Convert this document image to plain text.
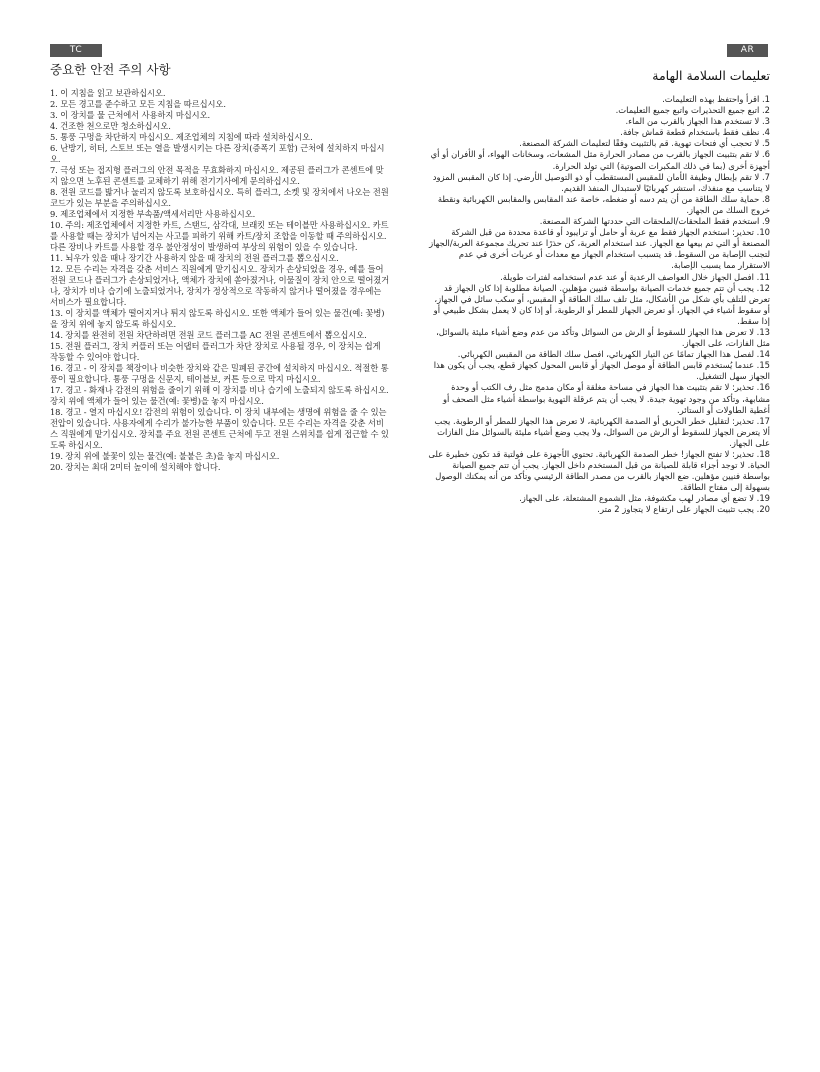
TC	AR
중요한 안전 주의 사항
1. 이 지침을 읽고 보관하십시오.
2. 모든 경고를 준수하고 모든 지침을 따르십시오.
3. 이 장치를 물 근처에서 사용하지 마십시오.
4. 건조한 천으로만 청소하십시오.
5. 통풍 구멍을 차단하지 마십시오. 제조업체의 지침에 따라 설치하십시오.
6. 난방기, 히터, 스토브 또는 열을 발생시키는 다른 장치(증폭기 포함) 근처에 설치하지 마십시오.
7. 극성 또는 접지형 플러그의 안전 목적을 무효화하지 마십시오. 제공된 플러그가 콘센트에 맞지 않으면 노후된 콘센트를 교체하기 위해 전기기사에게 문의하십시오.
8. 전원 코드를 밟거나 눌리지 않도록 보호하십시오. 특히 플러그, 소켓 및 장치에서 나오는 전원 코드가 있는 부분을 주의하십시오.
9. 제조업체에서 지정한 부속품/액세서리만 사용하십시오.
10. 주의: 제조업체에서 지정한 카트, 스탠드, 삼각대, 브래킷 또는 테이블만 사용하십시오. 카트를 사용할 때는 장치가 넘어지는 사고를 피하기 위해 카트/장치 조합을 이동할 때 주의하십시오. 다른 장비나 카트를 사용할 경우 불안정성이 발생하여 부상의 위험이 있을 수 있습니다.
11. 뇌우가 있을 때나 장기간 사용하지 않을 때 장치의 전원 플러그를 뽑으십시오.
12. 모든 수리는 자격을 갖춘 서비스 직원에게 맡기십시오. 장치가 손상되었을 경우, 예를 들어 전원 코드나 플러그가 손상되었거나, 액체가 장치에 쏟아졌거나, 이물질이 장치 안으로 떨어졌거나, 장치가 비나 습기에 노출되었거나, 장치가 정상적으로 작동하지 않거나 떨어졌을 경우에는 서비스가 필요합니다.
13. 이 장치를 액체가 떨어지거나 튀지 않도록 하십시오. 또한 액체가 들어 있는 물건(예: 꽃병)을 장치 위에 놓지 않도록 하십시오.
14. 장치를 완전히 전원 차단하려면 전원 코드 플러그를 AC 전원 콘센트에서 뽑으십시오.
15. 전원 플러그, 장치 커플러 또는 어댑터 플러그가 차단 장치로 사용될 경우, 이 장치는 쉽게 작동할 수 있어야 합니다.
16. 경고 - 이 장치를 책장이나 비슷한 장치와 같은 밀폐된 공간에 설치하지 마십시오. 적절한 통풍이 필요합니다. 통풍 구멍을 신문지, 테이블보, 커튼 등으로 막지 마십시오.
17. 경고 - 화재나 감전의 위험을 줄이기 위해 이 장치를 비나 습기에 노출되지 않도록 하십시오. 장치 위에 액체가 들어 있는 물건(예: 꽃병)을 놓지 마십시오.
18. 경고 - 열지 마십시오! 감전의 위험이 있습니다. 이 장치 내부에는 생명에 위험을 줄 수 있는 전압이 있습니다. 사용자에게 수리가 불가능한 부품이 있습니다. 모든 수리는 자격을 갖춘 서비스 직원에게 맡기십시오. 장치를 주요 전원 콘센트 근처에 두고 전원 스위치를 쉽게 접근할 수 있도록 하십시오.
19. 장치 위에 불꽃이 있는 물건(예: 불붙은 초)을 놓지 마십시오.
20. 장치는 최대 2미터 높이에 설치해야 합니다.
تعليمات السلامة الهامة
1. اقرأ واحتفظ بهذه التعليمات.
2. اتبع جميع التحذيرات واتبع جميع التعليمات.
3. لا تستخدم هذا الجهاز بالقرب من الماء.
4. نظف فقط باستخدام قطعة قماش جافة.
5. لا تحجب أي فتحات تهوية. قم بالتثبيت وفقًا لتعليمات الشركة المصنعة.
6. لا تقم بتثبيت الجهاز بالقرب من مصادر الحرارة مثل المشعات، وسخانات الهواء، أو الأفران أو أي أجهزة أخرى (بما في ذلك المكبرات الصوتية) التي تولد الحرارة.
7. لا تقم بإبطال وظيفة الأمان للمقبس المستقطب أو ذو التوصيل الأرضي. إذا كان المقبس المزود لا يتناسب مع منفذك، استشر كهربائيًا لاستبدال المنفذ القديم.
8. حماية سلك الطاقة من أن يتم دسه أو ضغطه، خاصة عند المقابس والمقابس الكهربائية ونقطة خروج السلك من الجهاز.
9. استخدم فقط الملحقات/الملحقات التي حددتها الشركة المصنعة.
10. تحذير: استخدم الجهاز فقط مع عربة أو حامل أو ترايبود أو قاعدة محددة من قبل الشركة المصنعة أو التي تم بيعها مع الجهاز. عند استخدام العربة، كن حذرًا عند تحريك مجموعة العربة/الجهاز لتجنب الإصابة من السقوط. قد يتسبب استخدام الجهاز مع معدات أو عربات أخرى في عدم الاستقرار مما يسبب الإصابة.
11. افصل الجهاز خلال العواصف الرعدية أو عند عدم استخدامه لفترات طويلة.
12. يجب أن تتم جميع خدمات الصيانة بواسطة فنيين مؤهلين. الصيانة مطلوبة إذا كان الجهاز قد تعرض للتلف بأي شكل من الأشكال، مثل تلف سلك الطاقة أو المقبس، أو سكب سائل في الجهاز، أو سقوط أشياء في الجهاز، أو تعرض الجهاز للمطر أو الرطوبة، أو إذا كان لا يعمل بشكل طبيعي أو إذا سقط.
13. لا تعرض هذا الجهاز للسقوط أو الرش من السوائل وتأكد من عدم وضع أشياء مليئة بالسوائل، مثل الفازات، على الجهاز.
14. لفصل هذا الجهاز تمامًا عن التيار الكهربائي، افصل سلك الطاقة من المقبس الكهربائي.
15. عندما يُستخدم قابس الطاقة أو موصل الجهاز أو قابس المحول كجهاز قطع، يجب أن يكون هذا الجهاز سهل التشغيل.
16. تحذير: لا تقم بتثبيت هذا الجهاز في مساحة مغلقة أو مكان مدمج مثل رف الكتب أو وحدة مشابهة، وتأكد من وجود تهوية جيدة. لا يجب أن يتم عرقلة التهوية بواسطة أشياء مثل الصحف أو أغطية الطاولات أو الستائر.
17. تحذير: لتقليل خطر الحريق أو الصدمة الكهربائية، لا تعرض هذا الجهاز للمطر أو الرطوبة. يجب ألا يتعرض الجهاز للسقوط أو الرش من السوائل، ولا يجب وضع أشياء مليئة بالسوائل مثل الفازات على الجهاز.
18. تحذير: لا تفتح الجهاز! خطر الصدمة الكهربائية. تحتوي الأجهزة على فولتية قد تكون خطيرة على الحياة. لا توجد أجزاء قابلة للصيانة من قبل المستخدم داخل الجهاز. يجب أن تتم جميع الصيانة بواسطة فنيين مؤهلين. ضع الجهاز بالقرب من مصدر الطاقة الرئيسي وتأكد من أنه يمكنك الوصول بسهولة إلى مفتاح الطاقة.
19. لا تضع أي مصادر لهب مكشوفة، مثل الشموع المشتعلة، على الجهاز.
20. يجب تثبيت الجهاز على ارتفاع لا يتجاوز 2 متر.
